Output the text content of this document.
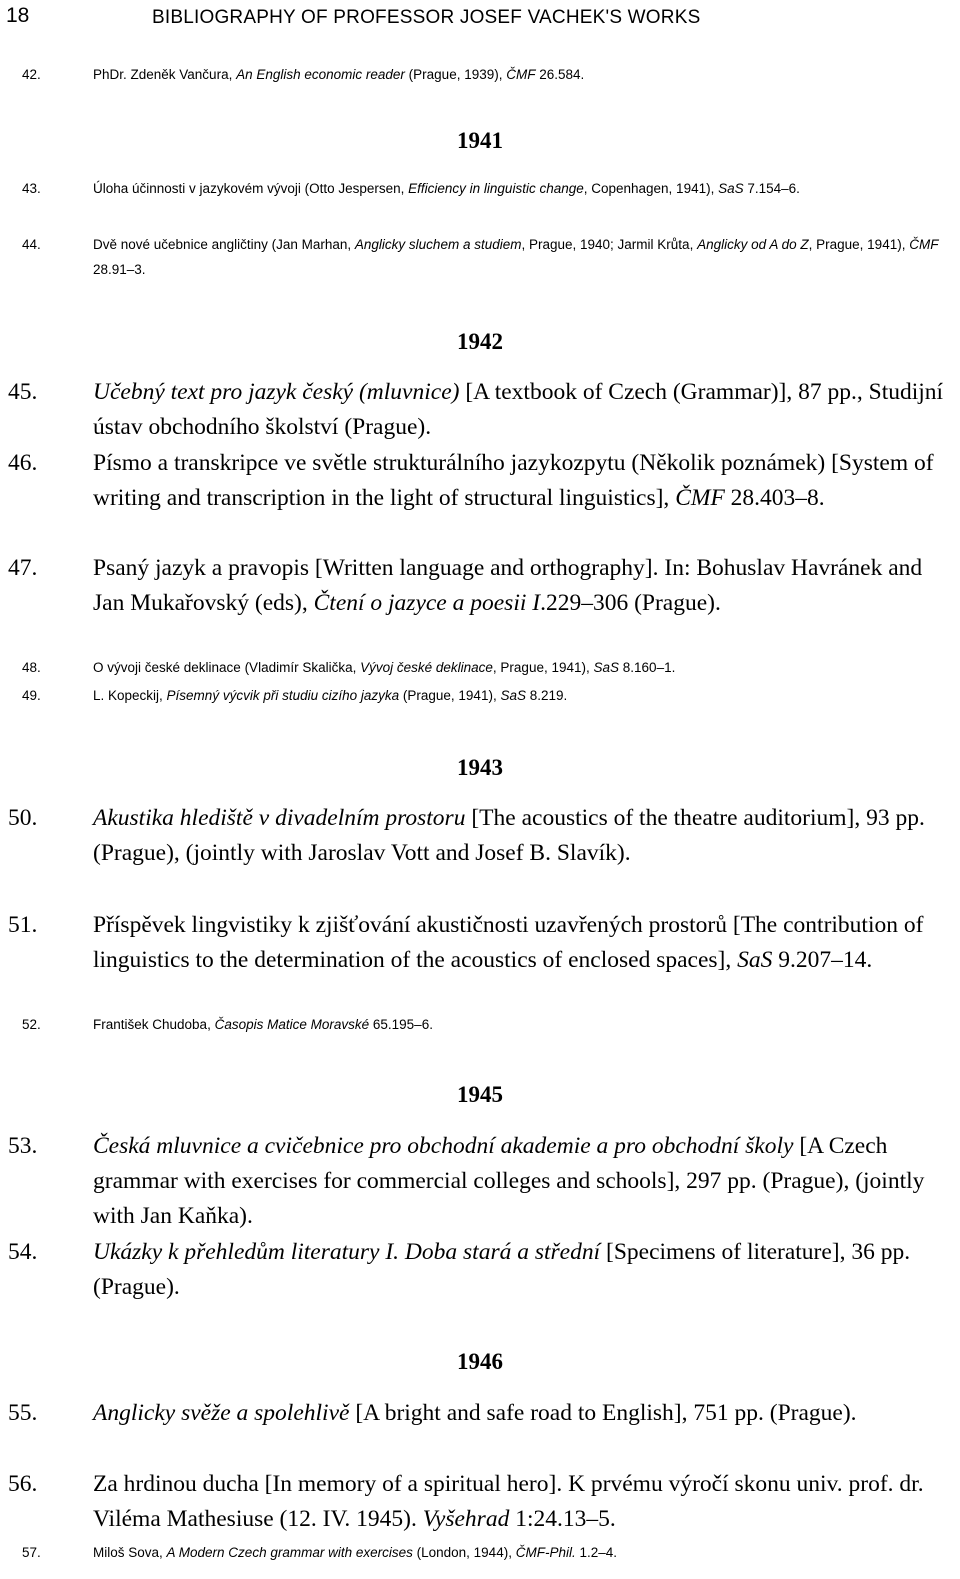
18	BIBLIOGRAPHY OF PROFESSOR JOSEF VACHEK'S WORKS
42.	PhDr. Zdeněk Vančura, An English economic reader (Prague, 1939), ČMF 26.584.
1941
43.	Úloha účinnosti v jazykovém vývoji (Otto Jespersen, Efficiency in linguistic change, Copenhagen, 1941), SaS 7.154–6.
44.	Dvě nové učebnice angličtiny (Jan Marhan, Anglicky sluchem a studiem, Prague, 1940; Jarmil Krůta, Anglicky od A do Z, Prague, 1941), ČMF 28.91–3.
1942
45. Učebný text pro jazyk český (mluvnice) [A textbook of Czech (Grammar)], 87 pp., Studijní ústav obchodního školství (Prague).
46. Písmo a transkripce ve světle strukturálního jazykozpytu (Několik poznámek) [System of writing and transcription in the light of structural linguistics], ČMF 28.403–8.
47. Psaný jazyk a pravopis [Written language and orthography]. In: Bohuslav Havránek and Jan Mukařovský (eds), Čtení o jazyce a poesii I.229–306 (Prague).
48.	O vývoji české deklinace (Vladimír Skalička, Vývoj české deklinace, Prague, 1941), SaS 8.160–1.
49.	L. Kopeckij, Písemný výcvik při studiu cizího jazyka (Prague, 1941), SaS 8.219.
1943
50. Akustika hlediště v divadelním prostoru [The acoustics of the theatre auditorium], 93 pp. (Prague), (jointly with Jaroslav Vott and Josef B. Slavík).
51. Příspěvek lingvistiky k zjišťování akustičnosti uzavřených prostorů [The contribution of linguistics to the determination of the acoustics of enclosed spaces], SaS 9.207–14.
52.	František Chudoba, Časopis Matice Moravské 65.195–6.
1945
53. Česká mluvnice a cvičebnice pro obchodní akademie a pro obchodní školy [A Czech grammar with exercises for commercial colleges and schools], 297 pp. (Prague), (jointly with Jan Kaňka).
54. Ukázky k přehledům literatury I. Doba stará a střední [Specimens of literature], 36 pp. (Prague).
1946
55. Anglicky svěže a spolehlivě [A bright and safe road to English], 751 pp. (Prague).
56. Za hrdinou ducha [In memory of a spiritual hero]. K prvému výročí skonu univ. prof. dr. Viléma Mathesiuse (12. IV. 1945). Vyšehrad 1:24.13–5.
57.	Miloš Sova, A Modern Czech grammar with exercises (London, 1944), ČMF-Phil. 1.2–4.
